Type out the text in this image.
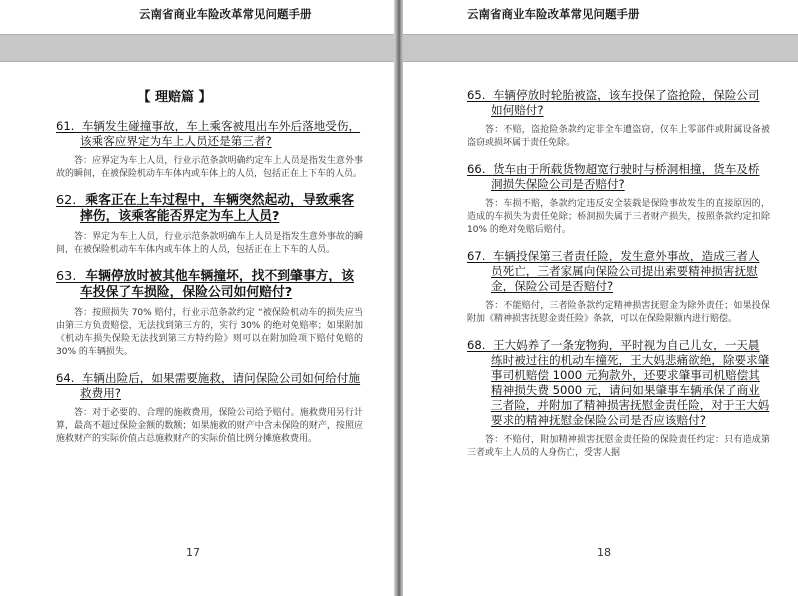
云南省商业车险改革常见问题手册
【 理赔篇 】
61. 车辆发生碰撞事故，车上乘客被甩出车外后落地受伤，该乘客应界定为车上人员还是第三者?
答：应界定为车上人员，行业示范条款明确约定车上人员是指发生意外事故的瞬间，在被保险机动车车体内或车体上的人员，包括正在上下车的人员。
62. 乘客正在上车过程中，车辆突然起动，导致乘客摔伤，该乘客能否界定为车上人员?
答：界定为车上人员，行业示范条款明确车上人员是指发生意外事故的瞬间，在被保险机动车车体内或车体上的人员，包括正在上下车的人员。
63. 车辆停放时被其他车辆撞坏，找不到肇事方，该车投保了车损险，保险公司如何赔付?
答：按照损失 70% 赔付，行业示范条款约定 “被保险机动车的损失应当由第三方负责赔偿，无法找到第三方的，实行 30% 的绝对免赔率；如果附加《机动车损失保险无法找到第三方特约险》则可以在附加险项下赔付免赔的 30% 的车辆损失。
64. 车辆出险后，如果需要施救，请问保险公司如何给付施救费用?
答：对于必要的、合理的施救费用，保险公司给予赔付。施救费用另行计算，最高不超过保险金额的数额；如果施救的财产中含未保险的财产，按照应施救财产的实际价值占总施救财产的实际价值比例分摊施救费用。
17
云南省商业车险改革常见问题手册
65. 车辆停放时轮胎被盗，该车投保了盗抢险，保险公司如何赔付?
答：不赔，盗抢险条款约定非全车遭盗窃，仅车上零部件或附属设备被盗窃或损坏属于责任免除。
66. 货车由于所载货物超宽行驶时与桥洞相撞，货车及桥洞损失保险公司是否赔付?
答：车损不赔，条款约定违反安全装载是保险事故发生的直接原因的，造成的车损失为责任免除；桥洞损失属于三者财产损失，按照条款约定扣除 10% 的绝对免赔后赔付。
67. 车辆投保第三者责任险，发生意外事故，造成三者人员死亡，三者家属向保险公司提出索要精神损害抚慰金，保险公司是否赔付?
答：不能赔付，三者险条款约定精神损害抚慰金为除外责任；如果投保附加《精神损害抚慰金责任险》条款，可以在保险限额内进行赔偿。
68. 王大妈养了一条宠物狗，平时视为自己儿女，一天晨练时被过往的机动车撞死，王大妈悲痛欲绝，除要求肇事司机赔偿 1000 元狗款外，还要求肇事司机赔偿其精神损失费 5000 元，请问如果肇事车辆承保了商业三者险，并附加了精神损害抚慰金责任险，对于王大妈要求的精神抚慰金保险公司是否应该赔付?
答：不赔付，附加精神损害抚慰金责任险的保险责任约定：只有造成第三者或车上人员的人身伤亡，受害人据
18
